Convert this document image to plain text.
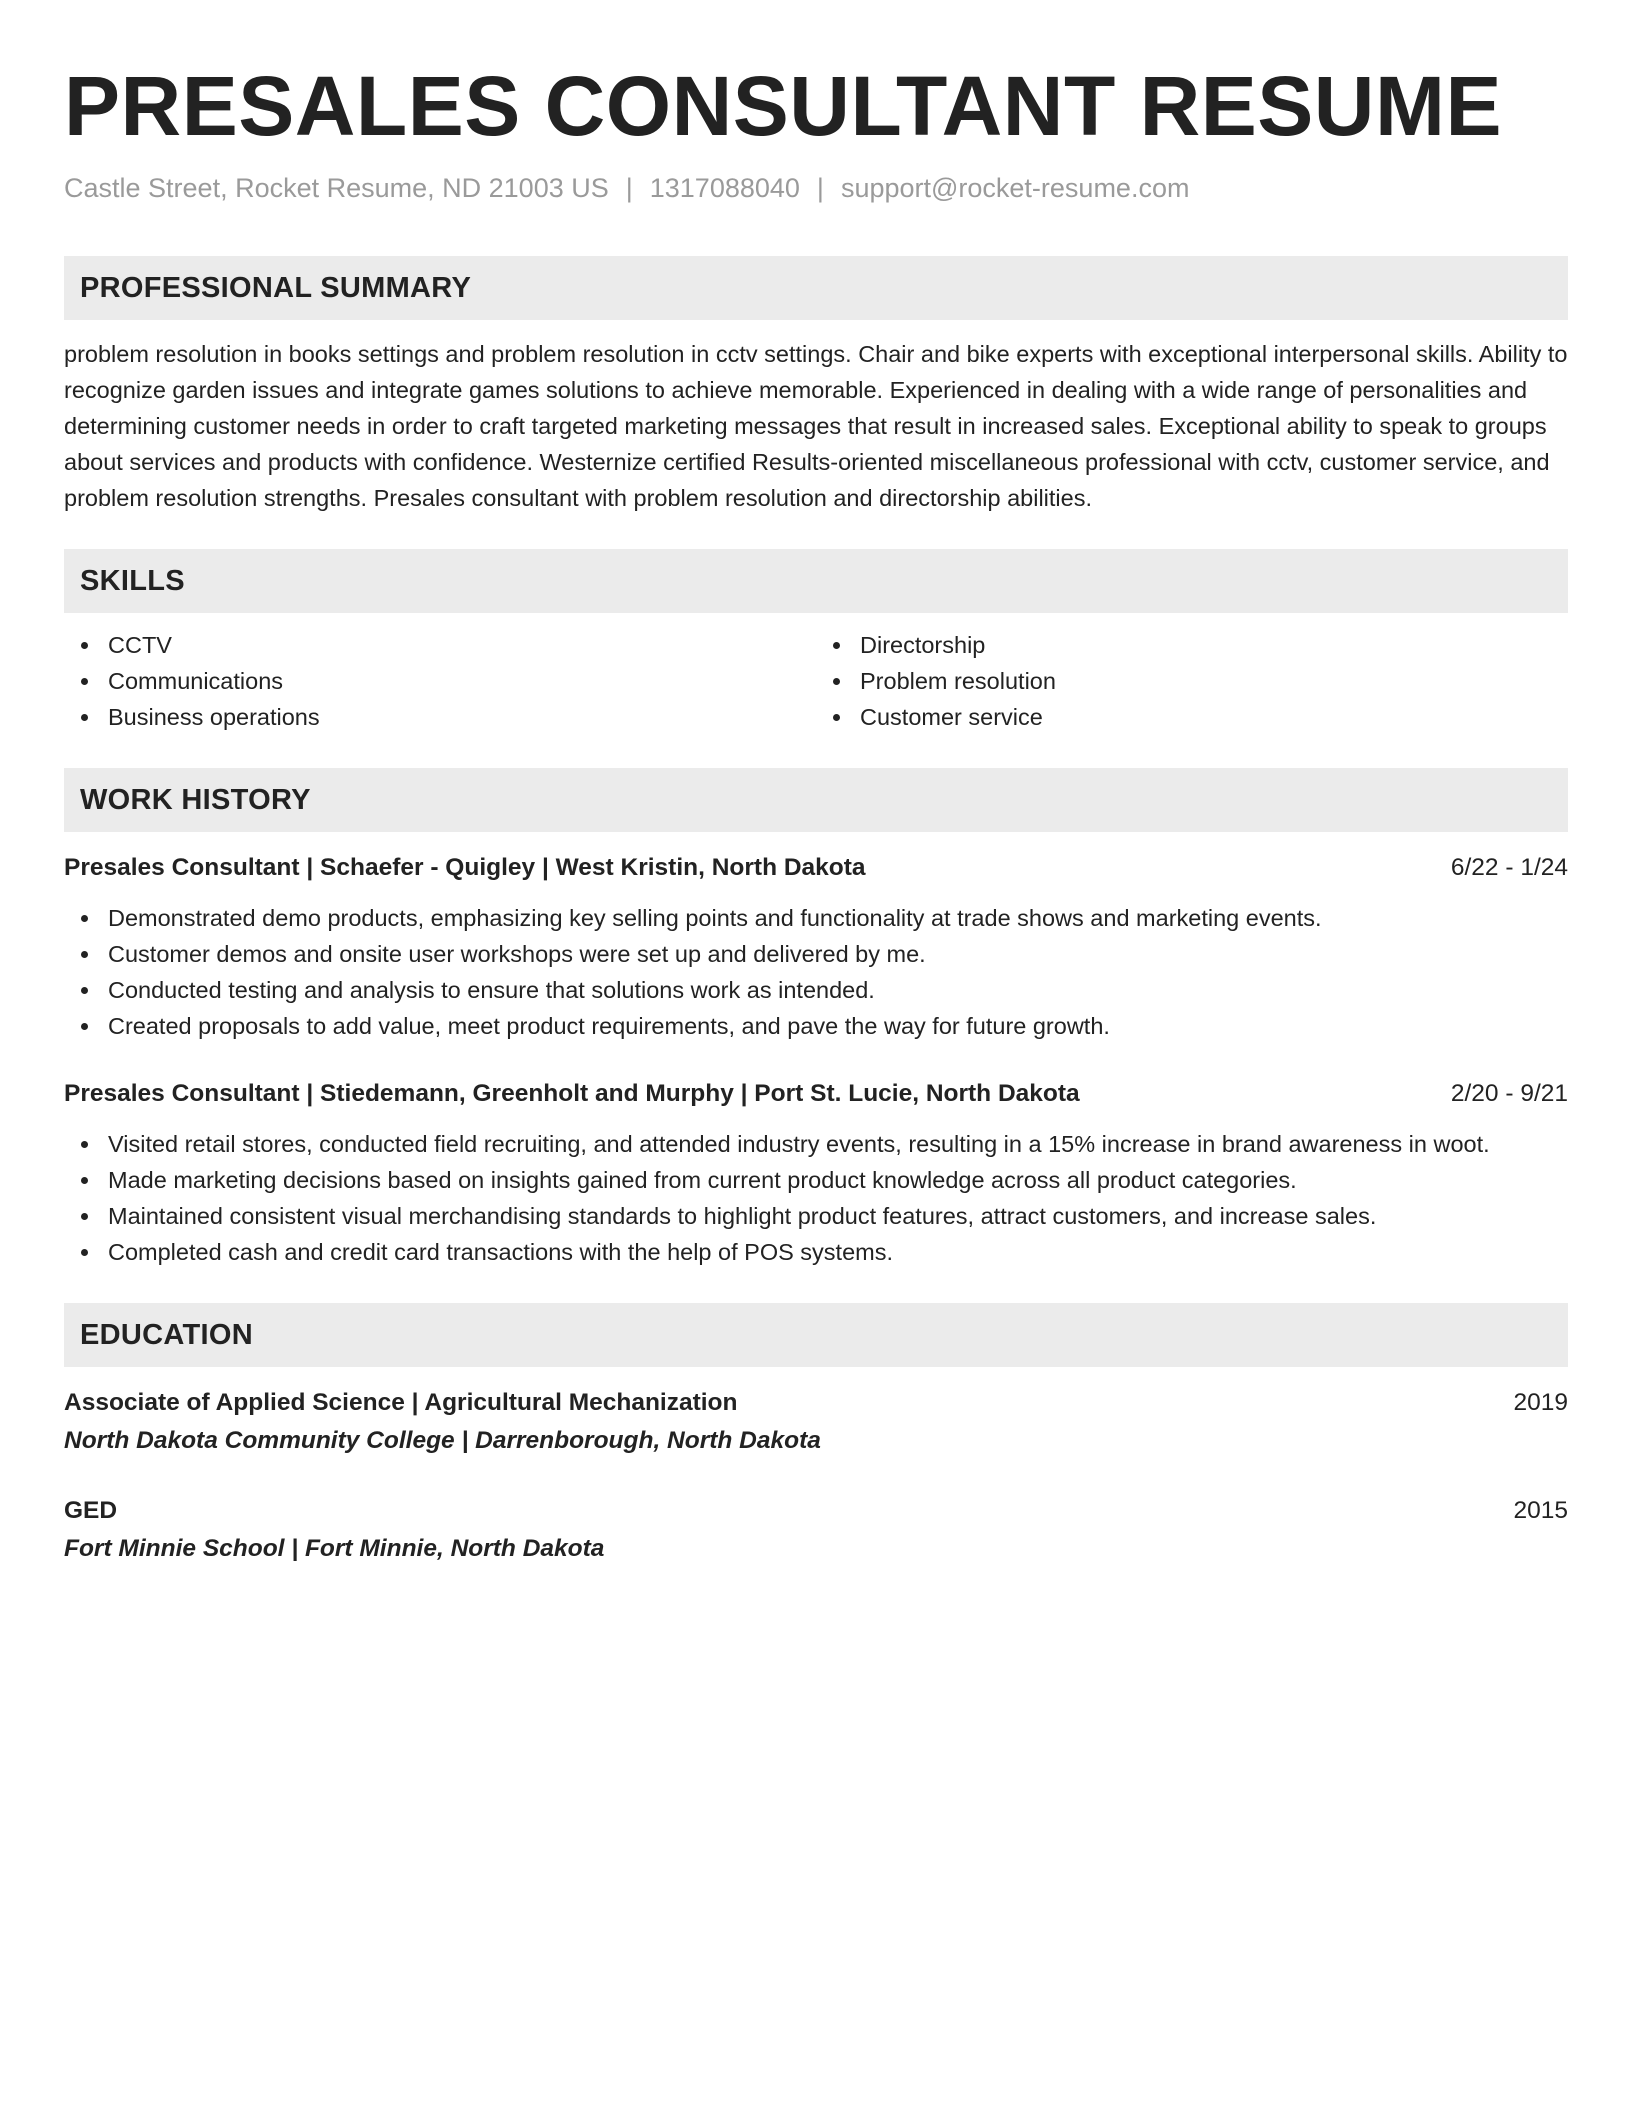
PRESALES CONSULTANT RESUME
Castle Street, Rocket Resume, ND 21003 US | 1317088040 | support@rocket-resume.com
PROFESSIONAL SUMMARY
problem resolution in books settings and problem resolution in cctv settings. Chair and bike experts with exceptional interpersonal skills. Ability to recognize garden issues and integrate games solutions to achieve memorable. Experienced in dealing with a wide range of personalities and determining customer needs in order to craft targeted marketing messages that result in increased sales. Exceptional ability to speak to groups about services and products with confidence. Westernize certified Results-oriented miscellaneous professional with cctv, customer service, and problem resolution strengths. Presales consultant with problem resolution and directorship abilities.
SKILLS
CCTV
Communications
Business operations
Directorship
Problem resolution
Customer service
WORK HISTORY
Presales Consultant | Schaefer - Quigley | West Kristin, North Dakota	6/22 - 1/24
Demonstrated demo products, emphasizing key selling points and functionality at trade shows and marketing events.
Customer demos and onsite user workshops were set up and delivered by me.
Conducted testing and analysis to ensure that solutions work as intended.
Created proposals to add value, meet product requirements, and pave the way for future growth.
Presales Consultant | Stiedemann, Greenholt and Murphy | Port St. Lucie, North Dakota	2/20 - 9/21
Visited retail stores, conducted field recruiting, and attended industry events, resulting in a 15% increase in brand awareness in woot.
Made marketing decisions based on insights gained from current product knowledge across all product categories.
Maintained consistent visual merchandising standards to highlight product features, attract customers, and increase sales.
Completed cash and credit card transactions with the help of POS systems.
EDUCATION
Associate of Applied Science | Agricultural Mechanization	2019
North Dakota Community College | Darrenborough, North Dakota
GED	2015
Fort Minnie School | Fort Minnie, North Dakota
